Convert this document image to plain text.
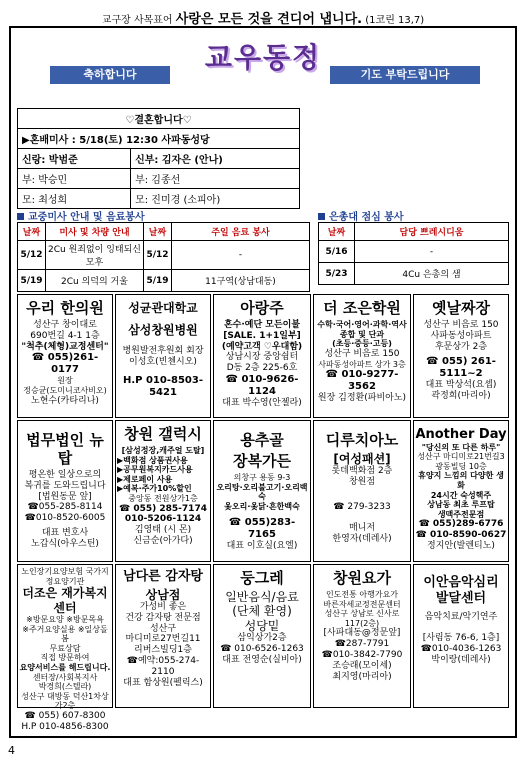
교구장 사목표어 사랑은 모든 것을 견디어 냅니다. (1코린 13,7)
교우동정
축하합니다	기도 부탁드립니다
♡결혼합니다♡	
▶혼배미사 : 5/18(토) 12:30 사파동성당	
신랑: 박범준	신부: 김자은 (안나)
부: 박승민	부: 김종선
모: 최성희	모: 진미경 (소피아)
교중미사 안내 및 음료봉사	은총대 점심 봉사
날짜	미사 및 차량 안내	날짜	주일 음료 봉사
5/12	2Cu 원죄없이 잉태되신 모후	5/12	-
5/19	2Cu 의덕의 거울	5/19	11구역(상남대동)
날짜	담당 쁘레시디움
5/16	-
5/23	4Cu 은총의 샘
우리 한의원
성산구 창이대로
690번길 4-1 1층
"척추(체형)교정센터"
☎ 055)261-0177
원장
정승균(도미니코사비오)
노현수(카타리나)
성균관대학교
삼성창원병원
병원발전후원회 회장
이성호(빈첸시오)
H.P 010-8503-5421
아랑주
혼수·예단 모든이불
[SALE. 1+1일부]
(예약고객 ♡우대함)
상남시장 중앙쉼터
D동 2층 225-6호
☎ 010-9626-1124
대표 박수영(안젤라)
더 조은학원
수학·국어·영어·과학·역사
종합 및 단과
(초등·중등·고등)
성산구 비음로 150
사파동성아파트 상가 3층
☎ 010-9277-3562
원장 김정환(파비아노)
옛날짜장
성산구 비음로 150
사파동성아파트
후문상가 2층
☎ 055) 261-5111~2
대표 박상석(요셉)
곽정희(마리아)
법무법인 뉴탑
평온한 일상으로의
복귀를 도와드립니다
[법원동문 앞]
☎055-285-8114
☎010-8520-6005
대표 변호사
노갑식(아우스틴)
창원 갤럭시
[삼성정장,캐주얼 도탈]
▶백화점 상품권사용
▶공무원복지카드사용
▶제로페이 사용
▶예복·주가10%할인
중앙동 전원상가1층
☎ 055) 285-7174
010-5206-1124
김영태 (시 몬)
신금순(아가다)
용추골
장복가든
의창구 용동 9-3
오리탕·오리불고기·오리백숙
옻오리·옻닭·흔한백숙
☎ 055)283-7165
대표 이호실(요엘)
디루치아노
[여성패션]
롯데백화점 2층
창원점
☎ 279-3233
매니저
한영자(데레사)
Another Day
"당신의 또 다른 하루"
성산구 마디미로21번길3
광동빌딩 10층
휴양지 느낌의 다양한 생화
24시간 숙성핵주
상남동 최초 루프탑
생맥주전문점
☎ 055)289-6776
☎ 010-8590-0627
정지안(발렌티노)
노인장기요양보험 국가지정요양기관
더조은 재가복지센터
※방문요양 ※방문목욕
※주거요양실용 ※일상돌봄
무료상담
직접 방문하여
요양서비스를 해드립니다.
센터장/사회복지사
박경희(스텔라)
성산구 대방동 덕산1차상가2층
☎ 055) 607-8300
H.P 010-4856-8300
남다른 감자탕
상남점
가성비 좋은
건강 감자탕 전문점
성산구
마디미로27번길11
리버스빌딩1층
☎예약:055-274-2110
대표 함상원(펠릭스)
둥그레
일반음식/음료
(단체 환영)
성당밑
삼익상가2층
☎ 010-6526-1263
대표 전영순(실비아)
창원요가
인도전통 아행가요가
바른자세교정전문센터
성산구 상남로 신사로117(2층)
[사파대동@정문앞]
☎287-7791
☎010-3842-7790
조승래(모이세)
최지영(마리아)
이안음악심리 발달센터
음악치료/악기연주
[사림동 76-6, 1층]
☎010-4036-1263
박이랑(데레사)
4
